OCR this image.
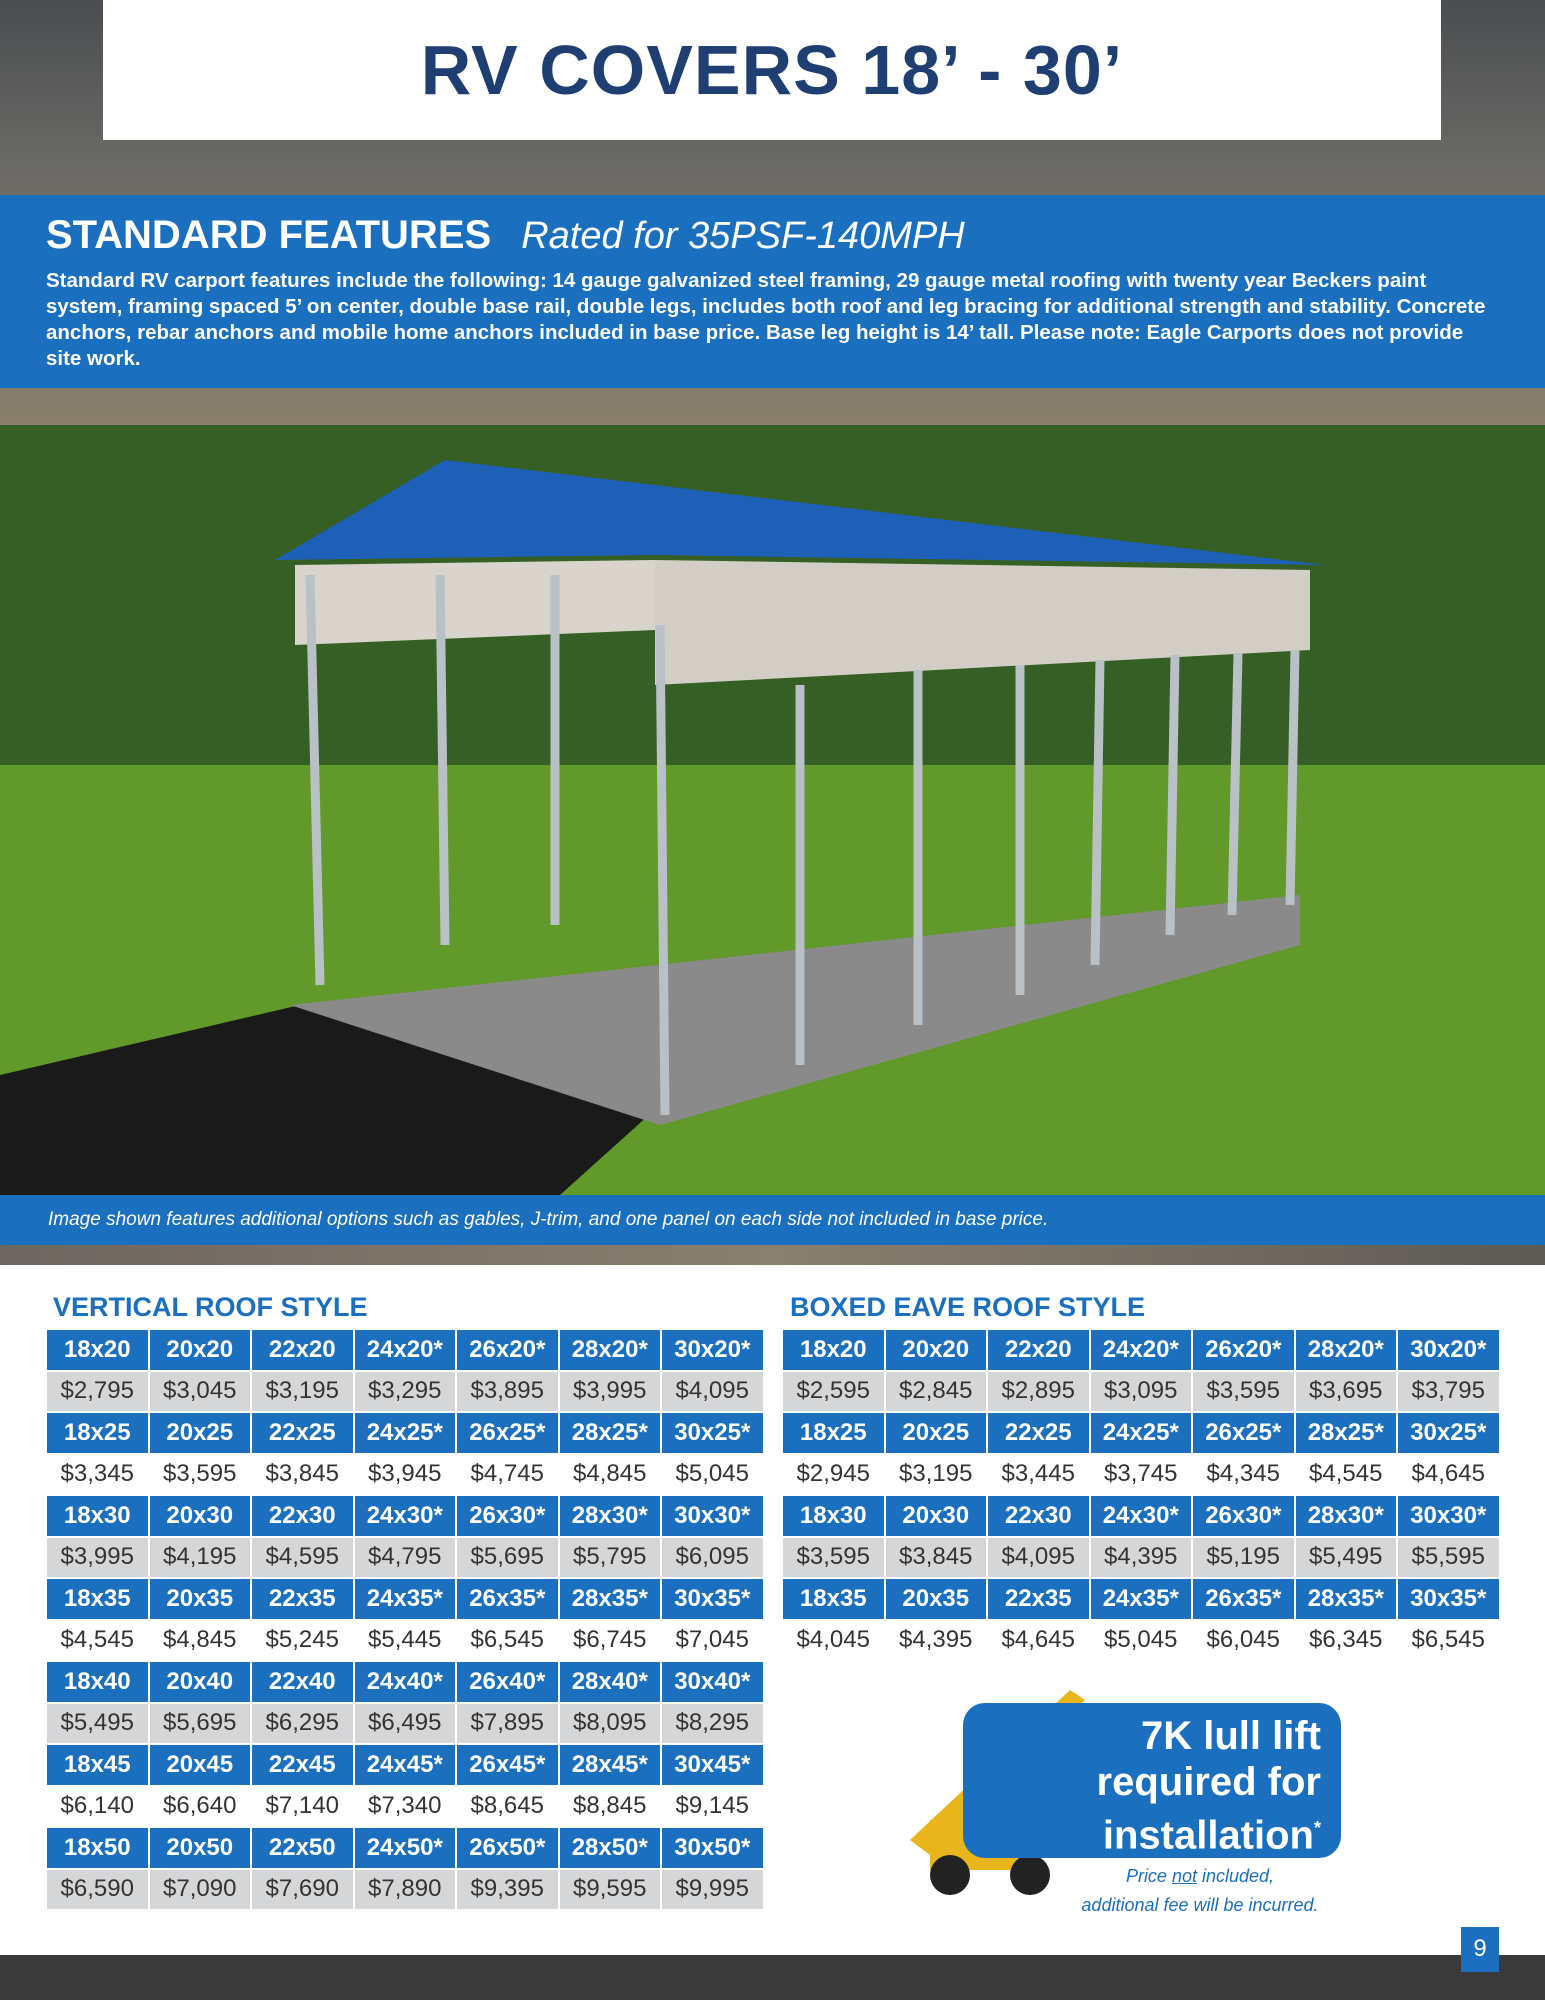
RV COVERS 18’ - 30’
STANDARD FEATURES Rated for 35PSF-140MPH

Standard RV carport features include the following: 14 gauge galvanized steel framing, 29 gauge metal roofing with twenty year Beckers paint system, framing spaced 5’ on center, double base rail, double legs, includes both roof and leg bracing for additional strength and stability. Concrete anchors, rebar anchors and mobile home anchors included in base price. Base leg height is 14’ tall. Please note: Eagle Carports does not provide site work.

Image shown features additional options such as gables, J-trim, and one panel on each side not included in base price.
VERTICAL ROOF STYLE
18x20	20x20	22x20	24x20*	26x20*	28x20*	30x20*
$2,795	$3,045	$3,195	$3,295	$3,895	$3,995	$4,095
18x25	20x25	22x25	24x25*	26x25*	28x25*	30x25*
$3,345	$3,595	$3,845	$3,945	$4,745	$4,845	$5,045
18x30	20x30	22x30	24x30*	26x30*	28x30*	30x30*
$3,995	$4,195	$4,595	$4,795	$5,695	$5,795	$6,095
18x35	20x35	22x35	24x35*	26x35*	28x35*	30x35*
$4,545	$4,845	$5,245	$5,445	$6,545	$6,745	$7,045
18x40	20x40	22x40	24x40*	26x40*	28x40*	30x40*
$5,495	$5,695	$6,295	$6,495	$7,895	$8,095	$8,295
18x45	20x45	22x45	24x45*	26x45*	28x45*	30x45*
$6,140	$6,640	$7,140	$7,340	$8,645	$8,845	$9,145
18x50	20x50	22x50	24x50*	26x50*	28x50*	30x50*
$6,590	$7,090	$7,690	$7,890	$9,395	$9,595	$9,995
BOXED EAVE ROOF STYLE
18x20	20x20	22x20	24x20*	26x20*	28x20*	30x20*
$2,595	$2,845	$2,895	$3,095	$3,595	$3,695	$3,795
18x25	20x25	22x25	24x25*	26x25*	28x25*	30x25*
$2,945	$3,195	$3,445	$3,745	$4,345	$4,545	$4,645
18x30	20x30	22x30	24x30*	26x30*	28x30*	30x30*
$3,595	$3,845	$4,095	$4,395	$5,195	$5,495	$5,595
18x35	20x35	22x35	24x35*	26x35*	28x35*	30x35*
$4,045	$4,395	$4,645	$5,045	$6,045	$6,345	$6,545
7K lull lift
required for
installation*
Price not included,
additional fee will be incurred.
9
